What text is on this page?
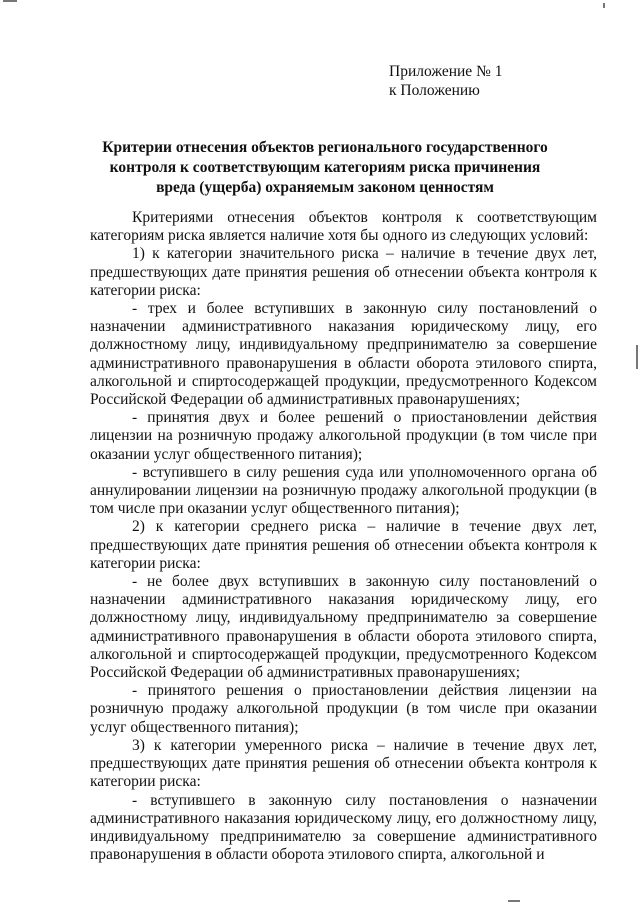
Приложение № 1
к Положению
Критерии отнесения объектов регионального государственного контроля к соответствующим категориям риска причинения вреда (ущерба) охраняемым законом ценностям

Критериями отнесения объектов контроля к соответствующим категориям риска является наличие хотя бы одного из следующих условий:

1) к категории значительного риска – наличие в течение двух лет, предшествующих дате принятия решения об отнесении объекта контроля к категории риска:

- трех и более вступивших в законную силу постановлений о назначении административного наказания юридическому лицу, его должностному лицу, индивидуальному предпринимателю за совершение административного правонарушения в области оборота этилового спирта, алкогольной и спиртосодержащей продукции, предусмотренного Кодексом Российской Федерации об административных правонарушениях;

- принятия двух и более решений о приостановлении действия лицензии на розничную продажу алкогольной продукции (в том числе при оказании услуг общественного питания);

- вступившего в силу решения суда или уполномоченного органа об аннулировании лицензии на розничную продажу алкогольной продукции (в том числе при оказании услуг общественного питания);

2) к категории среднего риска – наличие в течение двух лет, предшествующих дате принятия решения об отнесении объекта контроля к категории риска:

- не более двух вступивших в законную силу постановлений о назначении административного наказания юридическому лицу, его должностному лицу, индивидуальному предпринимателю за совершение административного правонарушения в области оборота этилового спирта, алкогольной и спиртосодержащей продукции, предусмотренного Кодексом Российской Федерации об административных правонарушениях;

- принятого решения о приостановлении действия лицензии на розничную продажу алкогольной продукции (в том числе при оказании услуг общественного питания);

3) к категории умеренного риска – наличие в течение двух лет, предшествующих дате принятия решения об отнесении объекта контроля к категории риска:

- вступившего в законную силу постановления о назначении административного наказания юридическому лицу, его должностному лицу, индивидуальному предпринимателю за совершение административного правонарушения в области оборота этилового спирта, алкогольной и
